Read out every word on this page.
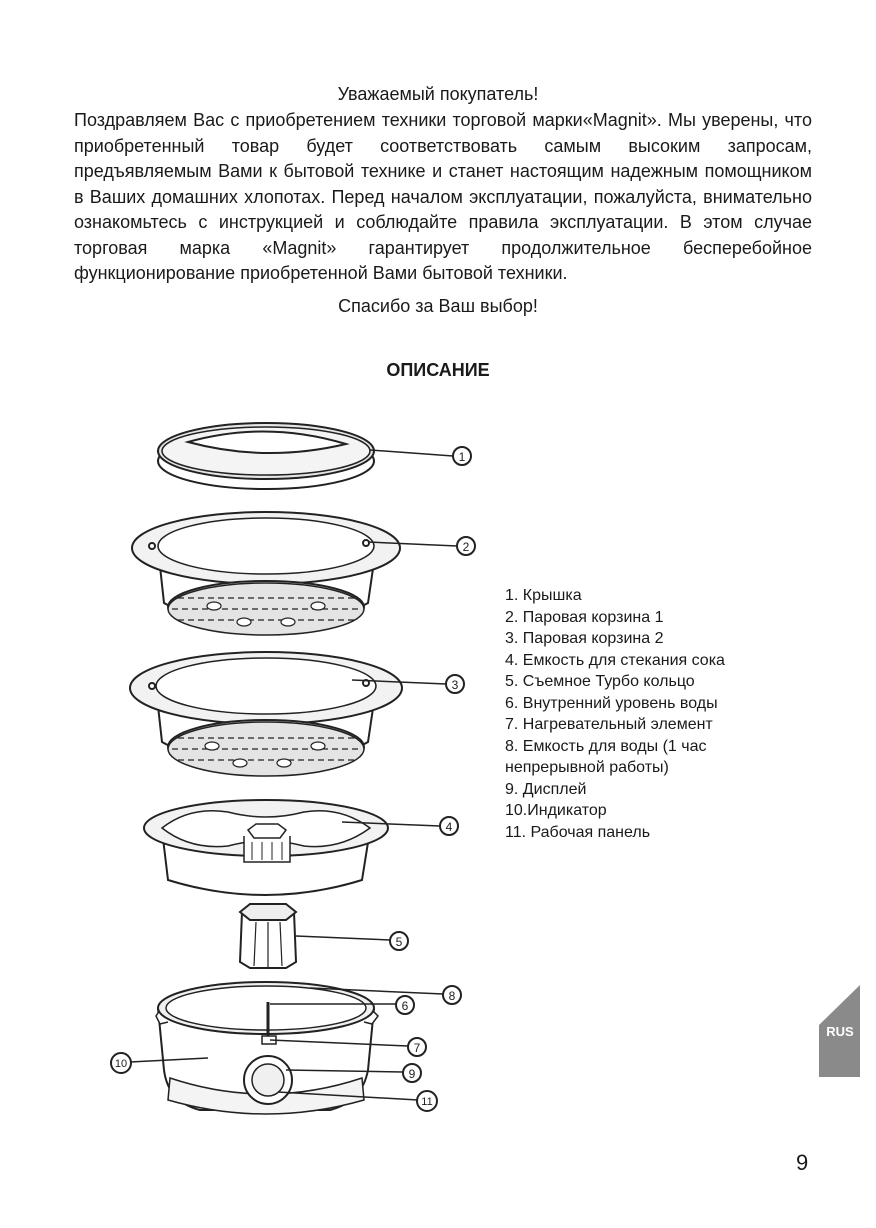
Уважаемый покупатель!

Поздравляем Вас с приобретением техники торговой марки«Magnit». Мы уверены, что приобретенный товар будет соответствовать самым высоким запросам, предъявляемым Вами к бытовой технике и станет настоящим надежным помощником в Ваших домашних хлопотах. Перед началом эксплуатации, пожалуйста, внимательно ознакомьтесь с инструкцией и соблюдайте правила эксплуатации. В этом случае торговая марка «Magnit» гарантирует продолжительное бесперебойное функционирование приобретенной Вами бытовой техники.

Спасибо за Ваш выбор!
ОПИСАНИЕ
1
2
3
4
5
6
7
8
9
10
11
1. Крышка
2. Паровая корзина 1
3. Паровая корзина 2
4. Емкость для стекания сока
5. Съемное Турбо кольцо
6. Внутренний уровень воды
7. Нагревательный элемент
8. Емкость для воды (1 час непрерывной работы)
9. Дисплей
10.Индикатор
11. Рабочая панель
RUS
9
